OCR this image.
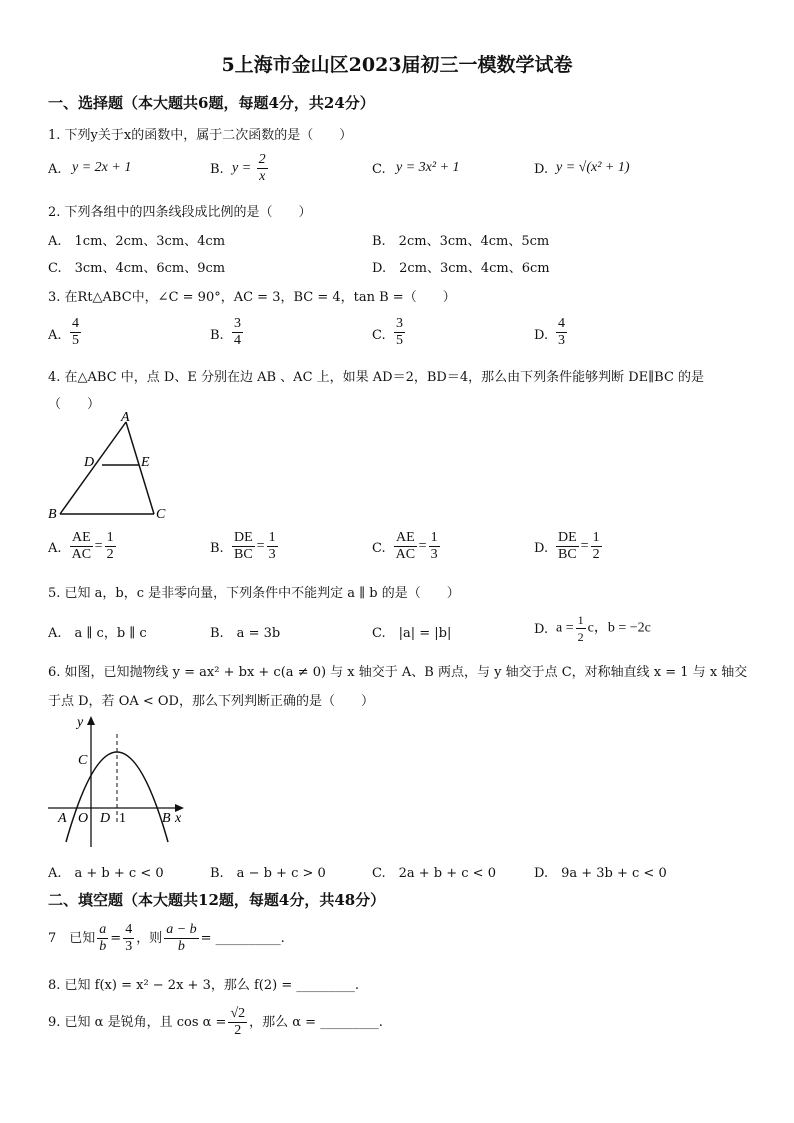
5上海市金山区2023届初三一模数学试卷
一、选择题（本大题共6题，每题4分，共24分）
1. 下列y关于x的函数中，属于二次函数的是（　　）
A. y = 2x + 1	B. $y = \frac{2}{x}$	C. y = 3x² + 1	D. y = √(x² + 1)
2. 下列各组中的四条线段成比例的是（　　）
A.　1cm、2cm、3cm、4cm	B.　2cm、3cm、4cm、5cm
C.　3cm、4cm、6cm、9cm	D.　2cm、3cm、4cm、6cm
3. 在Rt△ABC中，∠C = 90°，AC = 3，BC = 4，tan B =（　　）
A. $\frac{4}{5}$	B. $\frac{3}{4}$	C. $\frac{3}{5}$	D. $\frac{4}{3}$
4. 在△ABC 中，点 D、E 分别在边 AB 、AC 上，如果 AD＝2，BD＝4，那么由下列条件能够判断 DE∥BC 的是
（　　）
A
D	E
B	C
A. $\frac{AE}{AC} = \frac{1}{2}$	B. $\frac{DE}{BC} = \frac{1}{3}$	C. $\frac{AE}{AC} = \frac{1}{3}$	D. $\frac{DE}{BC} = \frac{1}{2}$
5. 已知 a，b，c 是非零向量，下列条件中不能判定 a ∥ b 的是（　　）
A.　a ∥ c，b ∥ c	B.　a = 3b	C.　|a| = |b|	D. $a = \frac{1}{2}$ c，b = −2c
6. 如图，已知抛物线 y = ax² + bx + c(a ≠ 0) 与 x 轴交于 A、B 两点，与 y 轴交于点 C，对称轴直线 x = 1 与 x 轴交
于点 D，若 OA < OD，那么下列判断正确的是（　　）
y
x
C
A O D 1	B
A.　a + b + c < 0	B.　a − b + c > 0	C.　2a + b + c < 0	D.　9a + 3b + c < 0
二、填空题（本大题共12题，每题4分，共48分）
7　已知 $\frac{a}{b} = \frac{4}{3}$ ，则 $\frac{a - b}{b}$ = __________.
8. 已知 f(x) = x² − 2x + 3，那么 f(2) = _________.
9. 已知 α 是锐角，且 $\cos \alpha = \frac{√2}{2}$ ，那么 α = _________.
